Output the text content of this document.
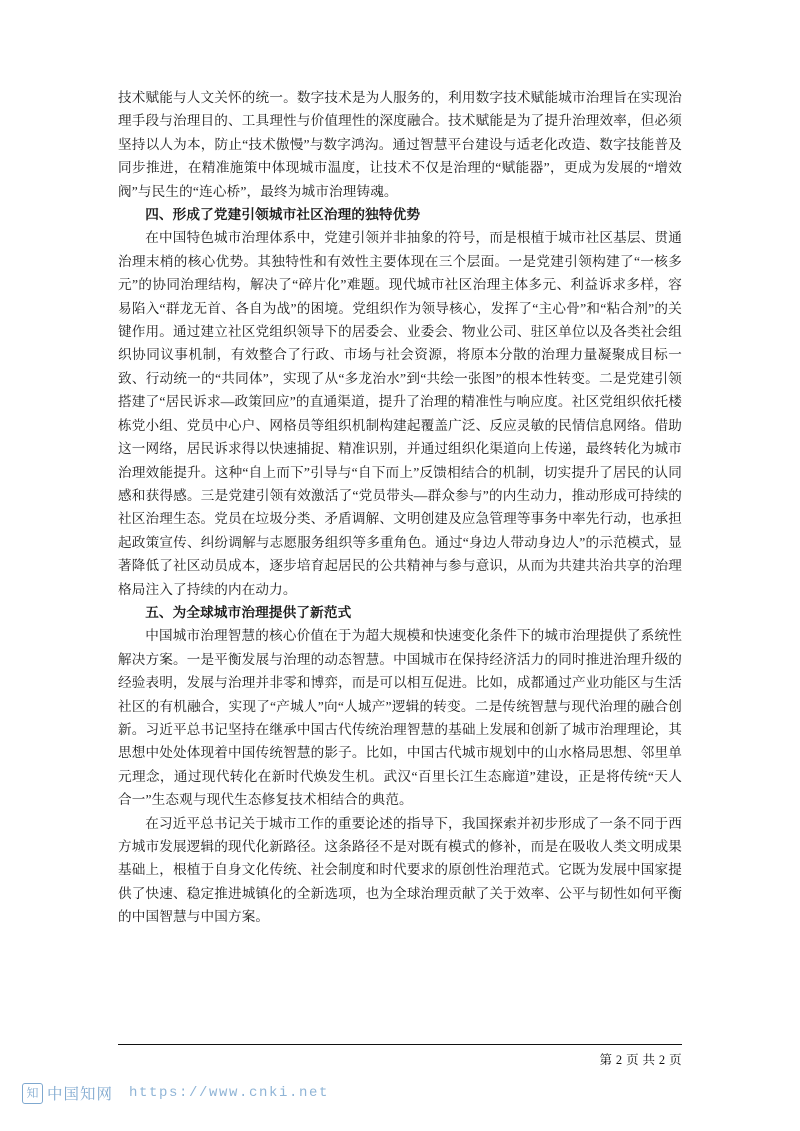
技术赋能与人文关怀的统一。数字技术是为人服务的，利用数字技术赋能城市治理旨在实现治理手段与治理目的、工具理性与价值理性的深度融合。技术赋能是为了提升治理效率，但必须坚持以人为本，防止“技术傲慢”与数字鸿沟。通过智慧平台建设与适老化改造、数字技能普及同步推进，在精准施策中体现城市温度，让技术不仅是治理的“赋能器”，更成为发展的“增效阀”与民生的“连心桥”，最终为城市治理铸魂。

四、形成了党建引领城市社区治理的独特优势

在中国特色城市治理体系中，党建引领并非抽象的符号，而是根植于城市社区基层、贯通治理末梢的核心优势。其独特性和有效性主要体现在三个层面。一是党建引领构建了“一核多元”的协同治理结构，解决了“碎片化”难题。现代城市社区治理主体多元、利益诉求多样，容易陷入“群龙无首、各自为战”的困境。党组织作为领导核心，发挥了“主心骨”和“粘合剂”的关键作用。通过建立社区党组织领导下的居委会、业委会、物业公司、驻区单位以及各类社会组织协同议事机制，有效整合了行政、市场与社会资源，将原本分散的治理力量凝聚成目标一致、行动统一的“共同体”，实现了从“多龙治水”到“共绘一张图”的根本性转变。二是党建引领搭建了“居民诉求—政策回应”的直通渠道，提升了治理的精准性与响应度。社区党组织依托楼栋党小组、党员中心户、网格员等组织机制构建起覆盖广泛、反应灵敏的民情信息网络。借助这一网络，居民诉求得以快速捕捉、精准识别，并通过组织化渠道向上传递，最终转化为城市治理效能提升。这种“自上而下”引导与“自下而上”反馈相结合的机制，切实提升了居民的认同感和获得感。三是党建引领有效激活了“党员带头—群众参与”的内生动力，推动形成可持续的社区治理生态。党员在垃圾分类、矛盾调解、文明创建及应急管理等事务中率先行动，也承担起政策宣传、纠纷调解与志愿服务组织等多重角色。通过“身边人带动身边人”的示范模式，显著降低了社区动员成本，逐步培育起居民的公共精神与参与意识，从而为共建共治共享的治理格局注入了持续的内在动力。

五、为全球城市治理提供了新范式

中国城市治理智慧的核心价值在于为超大规模和快速变化条件下的城市治理提供了系统性解决方案。一是平衡发展与治理的动态智慧。中国城市在保持经济活力的同时推进治理升级的经验表明，发展与治理并非零和博弈，而是可以相互促进。比如，成都通过产业功能区与生活社区的有机融合，实现了“产城人”向“人城产”逻辑的转变。二是传统智慧与现代治理的融合创新。习近平总书记坚持在继承中国古代传统治理智慧的基础上发展和创新了城市治理理论，其思想中处处体现着中国传统智慧的影子。比如，中国古代城市规划中的山水格局思想、邻里单元理念，通过现代转化在新时代焕发生机。武汉“百里长江生态廊道”建设，正是将传统“天人合一”生态观与现代生态修复技术相结合的典范。

在习近平总书记关于城市工作的重要论述的指导下，我国探索并初步形成了一条不同于西方城市发展逻辑的现代化新路径。这条路径不是对既有模式的修补，而是在吸收人类文明成果基础上，根植于自身文化传统、社会制度和时代要求的原创性治理范式。它既为发展中国家提供了快速、稳定推进城镇化的全新选项，也为全球治理贡献了关于效率、公平与韧性如何平衡的中国智慧与中国方案。

第 2 页 共 2 页
知 中国知网 https://www.cnki.net
